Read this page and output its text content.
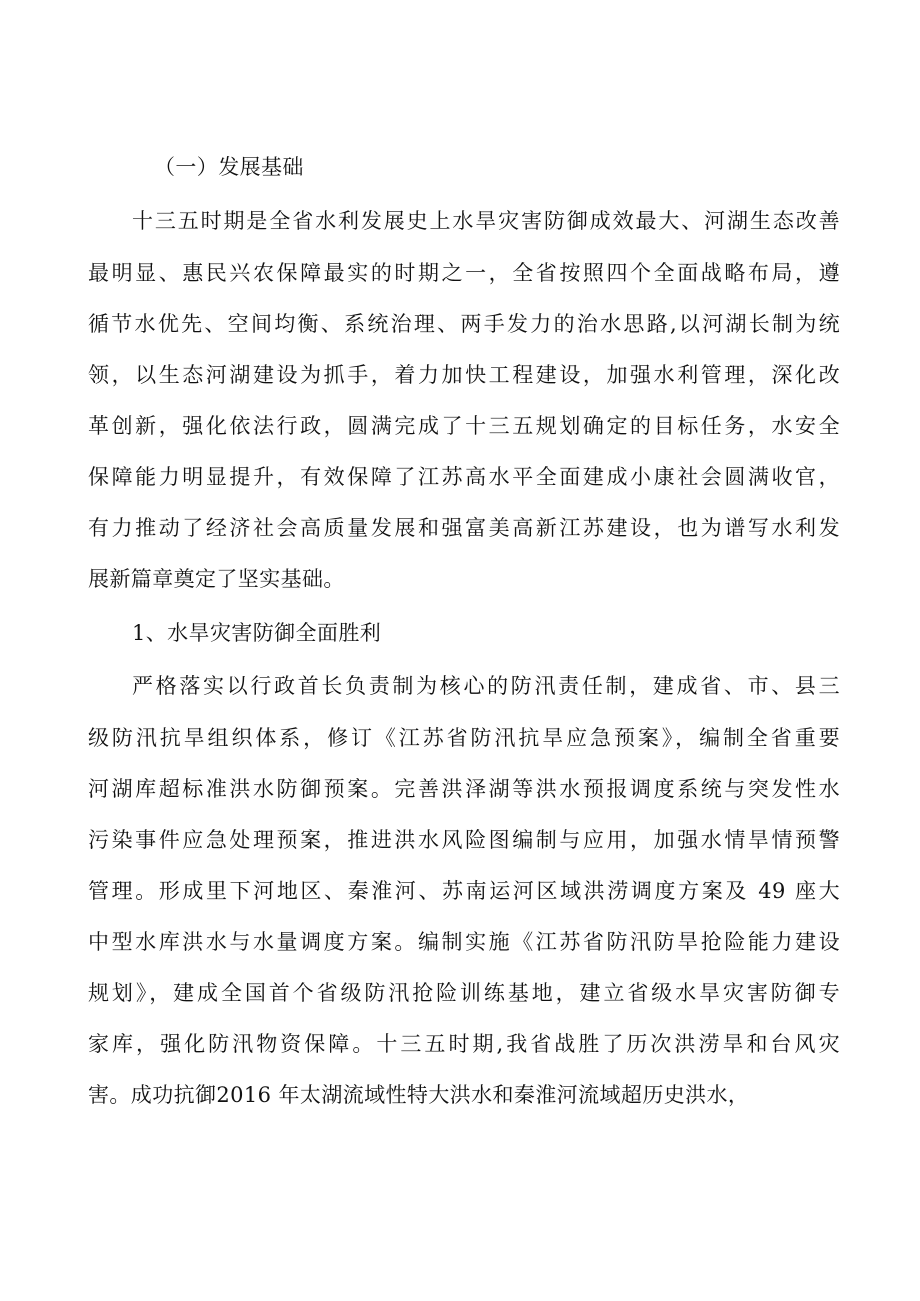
（一）发展基础
十三五时期是全省水利发展史上水旱灾害防御成效最大、河湖生态改善
最明显、惠民兴农保障最实的时期之一，全省按照四个全面战略布局，遵
循节水优先、空间均衡、系统治理、两手发力的治水思路,以河湖长制为统
领，以生态河湖建设为抓手，着力加快工程建设，加强水利管理，深化改
革创新，强化依法行政，圆满完成了十三五规划确定的目标任务，水安全
保障能力明显提升，有效保障了江苏高水平全面建成小康社会圆满收官，
有力推动了经济社会高质量发展和强富美高新江苏建设，也为谱写水利发
展新篇章奠定了坚实基础。
1、水旱灾害防御全面胜利
严格落实以行政首长负责制为核心的防汛责任制，建成省、市、县三
级防汛抗旱组织体系，修订《江苏省防汛抗旱应急预案》，编制全省重要
河湖库超标准洪水防御预案。完善洪泽湖等洪水预报调度系统与突发性水
污染事件应急处理预案，推进洪水风险图编制与应用，加强水情旱情预警
管理。形成里下河地区、秦淮河、苏南运河区域洪涝调度方案及 49 座大
中型水库洪水与水量调度方案。编制实施《江苏省防汛防旱抢险能力建设
规划》，建成全国首个省级防汛抢险训练基地，建立省级水旱灾害防御专
家库，强化防汛物资保障。十三五时期,我省战胜了历次洪涝旱和台风灾
害。成功抗御2016 年太湖流域性特大洪水和秦淮河流域超历史洪水，
